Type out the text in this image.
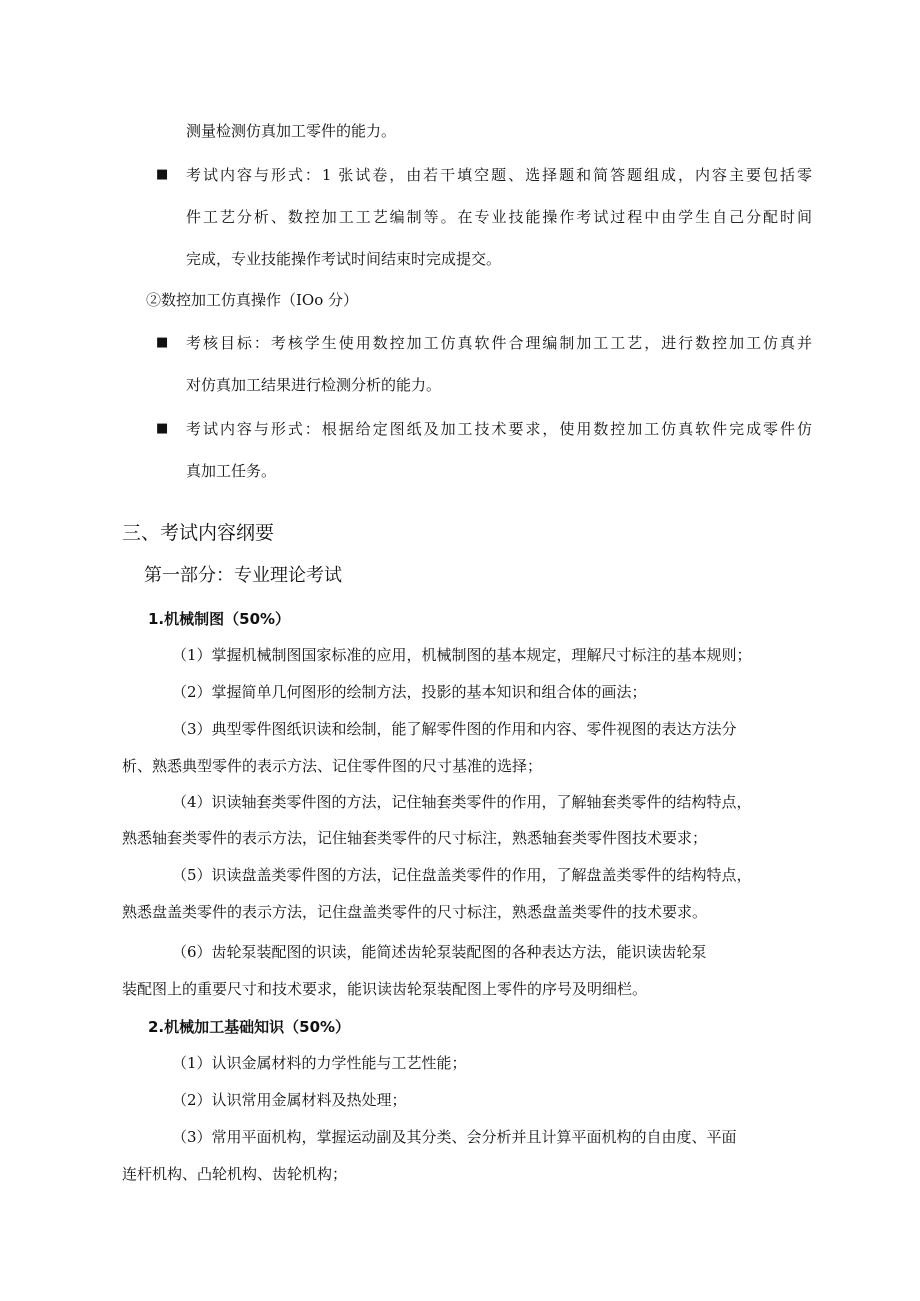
测量检测仿真加工零件的能力。
■ 考试内容与形式：1 张试卷，由若干填空题、选择题和简答题组成，内容主要包括零
件工艺分析、数控加工工艺编制等。在专业技能操作考试过程中由学生自己分配时间
完成，专业技能操作考试时间结束时完成提交。
②数控加工仿真操作（IOo 分）
■ 考核目标：考核学生使用数控加工仿真软件合理编制加工工艺，进行数控加工仿真并
对仿真加工结果进行检测分析的能力。
■ 考试内容与形式：根据给定图纸及加工技术要求，使用数控加工仿真软件完成零件仿
真加工任务。
三、考试内容纲要
第一部分：专业理论考试
1.机械制图（50%）
（1）掌握机械制图国家标准的应用，机械制图的基本规定，理解尺寸标注的基本规则；
（2）掌握简单几何图形的绘制方法，投影的基本知识和组合体的画法；
（3）典型零件图纸识读和绘制，能了解零件图的作用和内容、零件视图的表达方法分
析、熟悉典型零件的表示方法、记住零件图的尺寸基准的选择；
（4）识读轴套类零件图的方法，记住轴套类零件的作用，了解轴套类零件的结构特点，
熟悉轴套类零件的表示方法，记住轴套类零件的尺寸标注，熟悉轴套类零件图技术要求；
（5）识读盘盖类零件图的方法，记住盘盖类零件的作用，了解盘盖类零件的结构特点，
熟悉盘盖类零件的表示方法，记住盘盖类零件的尺寸标注，熟悉盘盖类零件的技术要求。
（6）齿轮泵装配图的识读，能简述齿轮泵装配图的各种表达方法，能识读齿轮泵
装配图上的重要尺寸和技术要求，能识读齿轮泵装配图上零件的序号及明细栏。
2.机械加工基础知识（50%）
（1）认识金属材料的力学性能与工艺性能；
（2）认识常用金属材料及热处理；
（3）常用平面机构，掌握运动副及其分类、会分析并且计算平面机构的自由度、平面
连杆机构、凸轮机构、齿轮机构；
